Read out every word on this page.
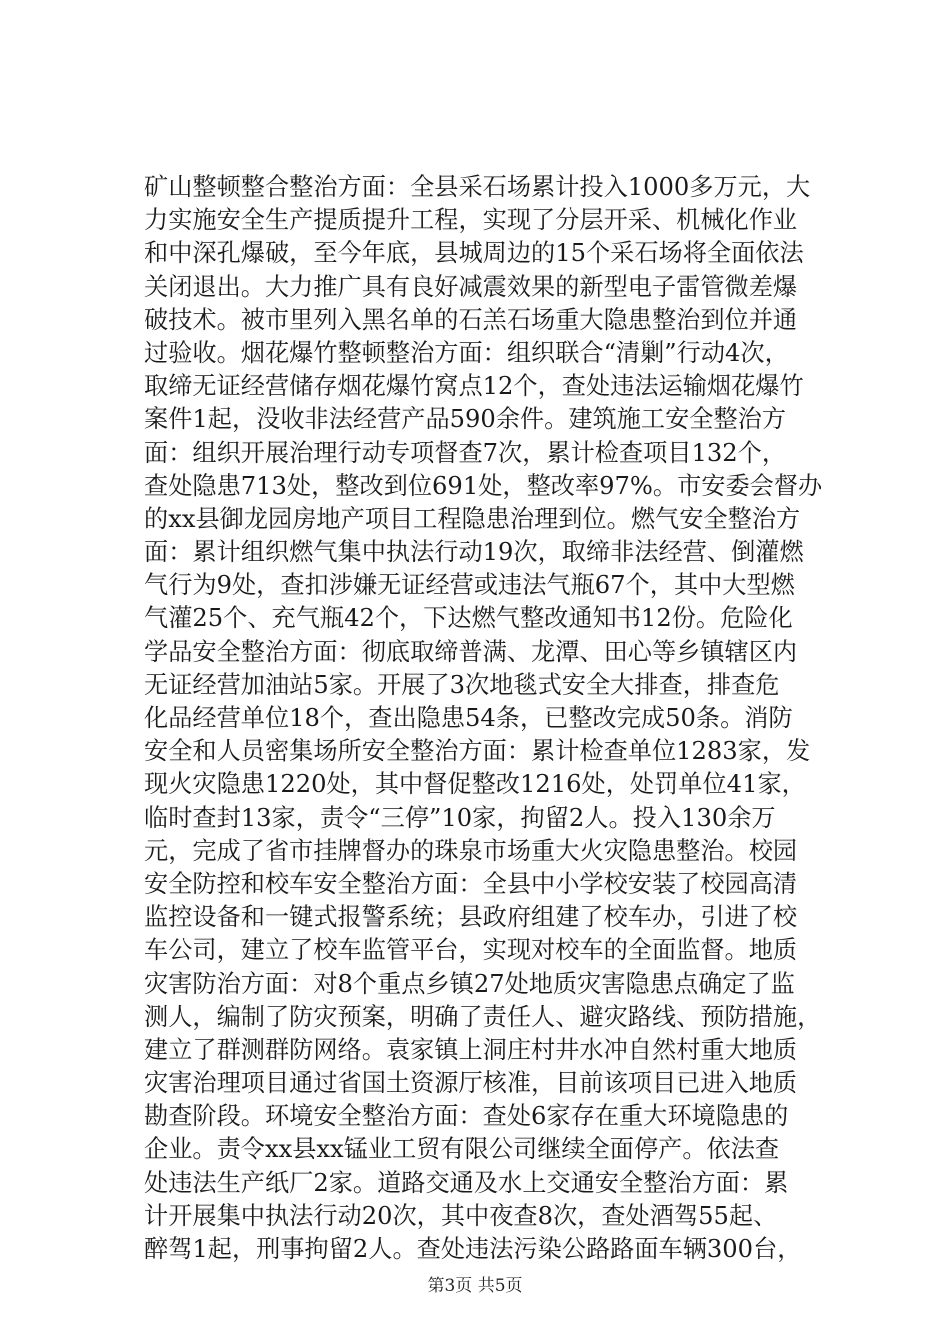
矿山整顿整合整治方面：全县采石场累计投入1000多万元，大
力实施安全生产提质提升工程，实现了分层开采、机械化作业
和中深孔爆破，至今年底，县城周边的15个采石场将全面依法
关闭退出。大力推广具有良好减震效果的新型电子雷管微差爆
破技术。被市里列入黑名单的石羔石场重大隐患整治到位并通
过验收。烟花爆竹整顿整治方面：组织联合“清剿”行动4次，
取缔无证经营储存烟花爆竹窝点12个，查处违法运输烟花爆竹
案件1起，没收非法经营产品590余件。建筑施工安全整治方
面：组织开展治理行动专项督查7次，累计检查项目132个，
查处隐患713处，整改到位691处，整改率97%。市安委会督办
的xx县御龙园房地产项目工程隐患治理到位。燃气安全整治方
面：累计组织燃气集中执法行动19次，取缔非法经营、倒灌燃
气行为9处，查扣涉嫌无证经营或违法气瓶67个，其中大型燃
气灌25个、充气瓶42个，下达燃气整改通知书12份。危险化
学品安全整治方面：彻底取缔普满、龙潭、田心等乡镇辖区内
无证经营加油站5家。开展了3次地毯式安全大排查，排查危
化品经营单位18个，查出隐患54条，已整改完成50条。消防
安全和人员密集场所安全整治方面：累计检查单位1283家，发
现火灾隐患1220处，其中督促整改1216处，处罚单位41家，
临时查封13家，责令“三停”10家，拘留2人。投入130余万
元，完成了省市挂牌督办的珠泉市场重大火灾隐患整治。校园
安全防控和校车安全整治方面：全县中小学校安装了校园高清
监控设备和一键式报警系统；县政府组建了校车办，引进了校
车公司，建立了校车监管平台，实现对校车的全面监督。地质
灾害防治方面：对8个重点乡镇27处地质灾害隐患点确定了监
测人，编制了防灾预案，明确了责任人、避灾路线、预防措施，
建立了群测群防网络。袁家镇上洞庄村井水冲自然村重大地质
灾害治理项目通过省国土资源厅核准，目前该项目已进入地质
勘查阶段。环境安全整治方面：查处6家存在重大环境隐患的
企业。责令xx县xx锰业工贸有限公司继续全面停产。依法查
处违法生产纸厂2家。道路交通及水上交通安全整治方面：累
计开展集中执法行动20次，其中夜查8次，查处酒驾55起、
醉驾1起，刑事拘留2人。查处违法污染公路路面车辆300台，
第3页 共5页
